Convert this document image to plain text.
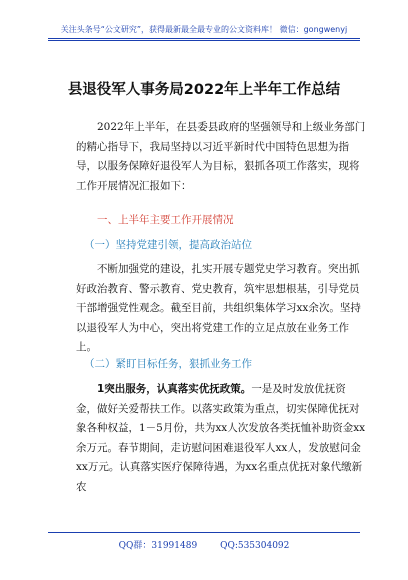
关注头条号“公文研究”，获得最新最全最专业的公文资料库！ 微信：gongwenyj
县退役军人事务局2022年上半年工作总结
2022年上半年，在县委县政府的坚强领导和上级业务部门的精心指导下，我局坚持以习近平新时代中国特色思想为指导，以服务保障好退役军人为目标，狠抓各项工作落实，现将工作开展情况汇报如下：
一、上半年主要工作开展情况
（一）坚持党建引领，提高政治站位
不断加强党的建设，扎实开展专题党史学习教育。突出抓好政治教育、警示教育、党史教育，筑牢思想根基，引导党员干部增强党性观念。截至目前，共组织集体学习xx余次。坚持以退役军人为中心，突出将党建工作的立足点放在业务工作上。
（二）紧盯目标任务，狠抓业务工作
1突出服务，认真落实优抚政策。一是及时发放优抚资金，做好关爱帮扶工作。以落实政策为重点，切实保障优抚对象各种权益，1－5月份，共为xx人次发放各类抚恤补助资金xx余万元。春节期间，走访慰问困难退役军人xx人，发放慰问金xx万元。认真落实医疗保障待遇，为xx名重点优抚对象代缴新农
QQ群：31991489	QQ:535304092
